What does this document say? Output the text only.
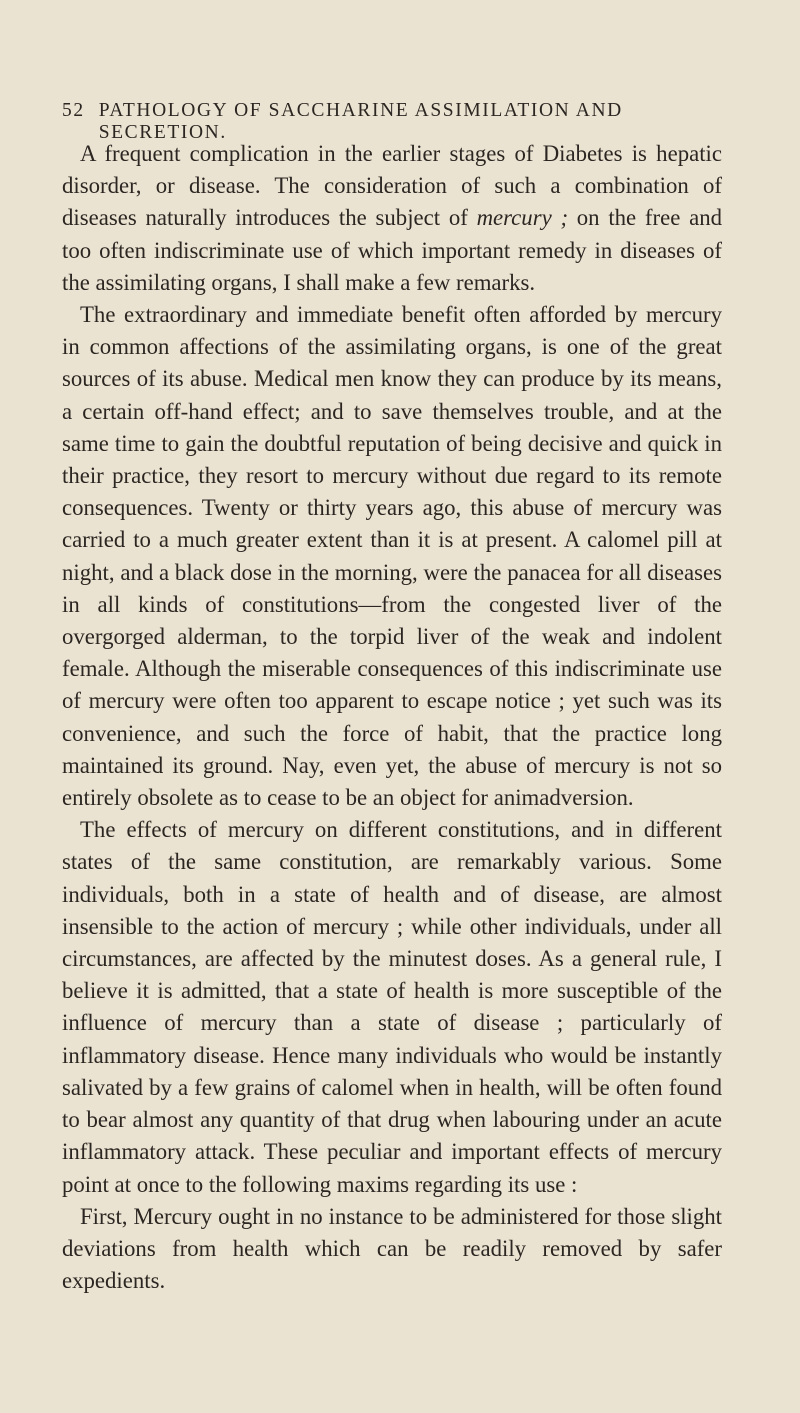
52 PATHOLOGY OF SACCHARINE ASSIMILATION AND SECRETION.

A frequent complication in the earlier stages of Diabetes is hepatic disorder, or disease. The consideration of such a combination of diseases naturally introduces the subject of mercury ; on the free and too often indiscriminate use of which important remedy in diseases of the assimilating organs, I shall make a few remarks.

The extraordinary and immediate benefit often afforded by mercury in common affections of the assimilating organs, is one of the great sources of its abuse. Medical men know they can produce by its means, a certain off-hand effect; and to save themselves trouble, and at the same time to gain the doubtful reputation of being decisive and quick in their practice, they resort to mercury without due regard to its remote consequences. Twenty or thirty years ago, this abuse of mercury was carried to a much greater extent than it is at present. A calomel pill at night, and a black dose in the morning, were the panacea for all diseases in all kinds of constitutions—from the congested liver of the overgorged alderman, to the torpid liver of the weak and indolent female. Although the miserable consequences of this indiscriminate use of mercury were often too apparent to escape notice ; yet such was its convenience, and such the force of habit, that the practice long maintained its ground. Nay, even yet, the abuse of mercury is not so entirely obsolete as to cease to be an object for animadversion.

The effects of mercury on different constitutions, and in different states of the same constitution, are remarkably various. Some individuals, both in a state of health and of disease, are almost insensible to the action of mercury ; while other individuals, under all circumstances, are affected by the minutest doses. As a general rule, I believe it is admitted, that a state of health is more susceptible of the influence of mercury than a state of disease ; particularly of inflammatory disease. Hence many individuals who would be instantly salivated by a few grains of calomel when in health, will be often found to bear almost any quantity of that drug when labouring under an acute inflammatory attack. These peculiar and important effects of mercury point at once to the following maxims regarding its use :

First, Mercury ought in no instance to be administered for those slight deviations from health which can be readily removed by safer expedients.
